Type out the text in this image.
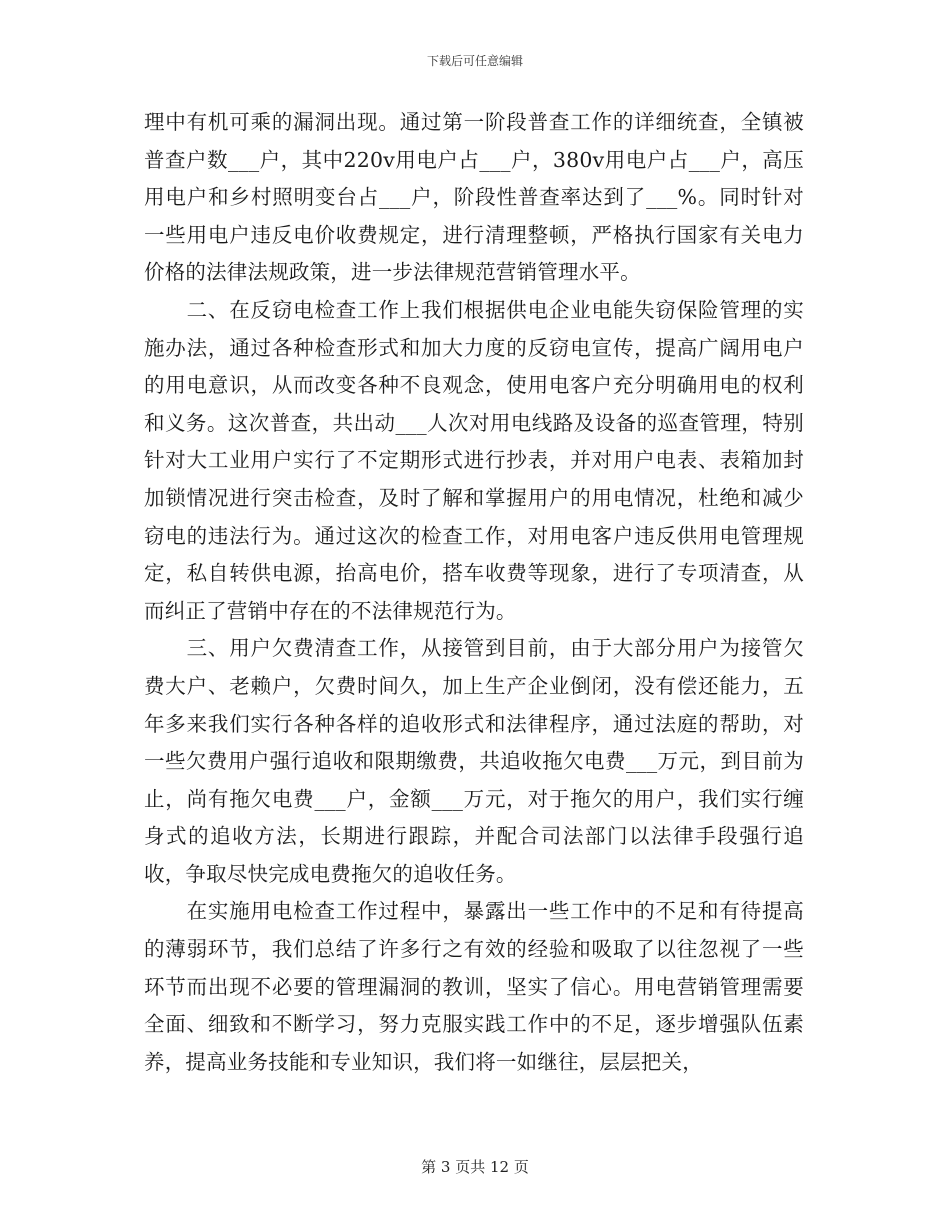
下载后可任意编辑

理中有机可乘的漏洞出现。通过第一阶段普查工作的详细统查，全镇被普查户数___户，其中220v用电户占___户，380v用电户占___户，高压用电户和乡村照明变台占___户，阶段性普查率达到了___%。同时针对一些用电户违反电价收费规定，进行清理整顿，严格执行国家有关电力价格的法律法规政策，进一步法律规范营销管理水平。

　　二、在反窃电检查工作上我们根据供电企业电能失窃保险管理的实施办法，通过各种检查形式和加大力度的反窃电宣传，提高广阔用电户的用电意识，从而改变各种不良观念，使用电客户充分明确用电的权利和义务。这次普查，共出动___人次对用电线路及设备的巡查管理，特别针对大工业用户实行了不定期形式进行抄表，并对用户电表、表箱加封加锁情况进行突击检查，及时了解和掌握用户的用电情况，杜绝和减少窃电的违法行为。通过这次的检查工作，对用电客户违反供用电管理规定，私自转供电源，抬高电价，搭车收费等现象，进行了专项清查，从而纠正了营销中存在的不法律规范行为。

　　三、用户欠费清查工作，从接管到目前，由于大部分用户为接管欠费大户、老赖户，欠费时间久，加上生产企业倒闭，没有偿还能力，五年多来我们实行各种各样的追收形式和法律程序，通过法庭的帮助，对一些欠费用户强行追收和限期缴费，共追收拖欠电费___万元，到目前为止，尚有拖欠电费___户，金额___万元，对于拖欠的用户，我们实行缠身式的追收方法，长期进行跟踪，并配合司法部门以法律手段强行追收，争取尽快完成电费拖欠的追收任务。

　　在实施用电检查工作过程中，暴露出一些工作中的不足和有待提高的薄弱环节，我们总结了许多行之有效的经验和吸取了以往忽视了一些环节而出现不必要的管理漏洞的教训，坚实了信心。用电营销管理需要全面、细致和不断学习，努力克服实践工作中的不足，逐步增强队伍素养，提高业务技能和专业知识，我们将一如继往，层层把关，

第 3 页共 12 页
